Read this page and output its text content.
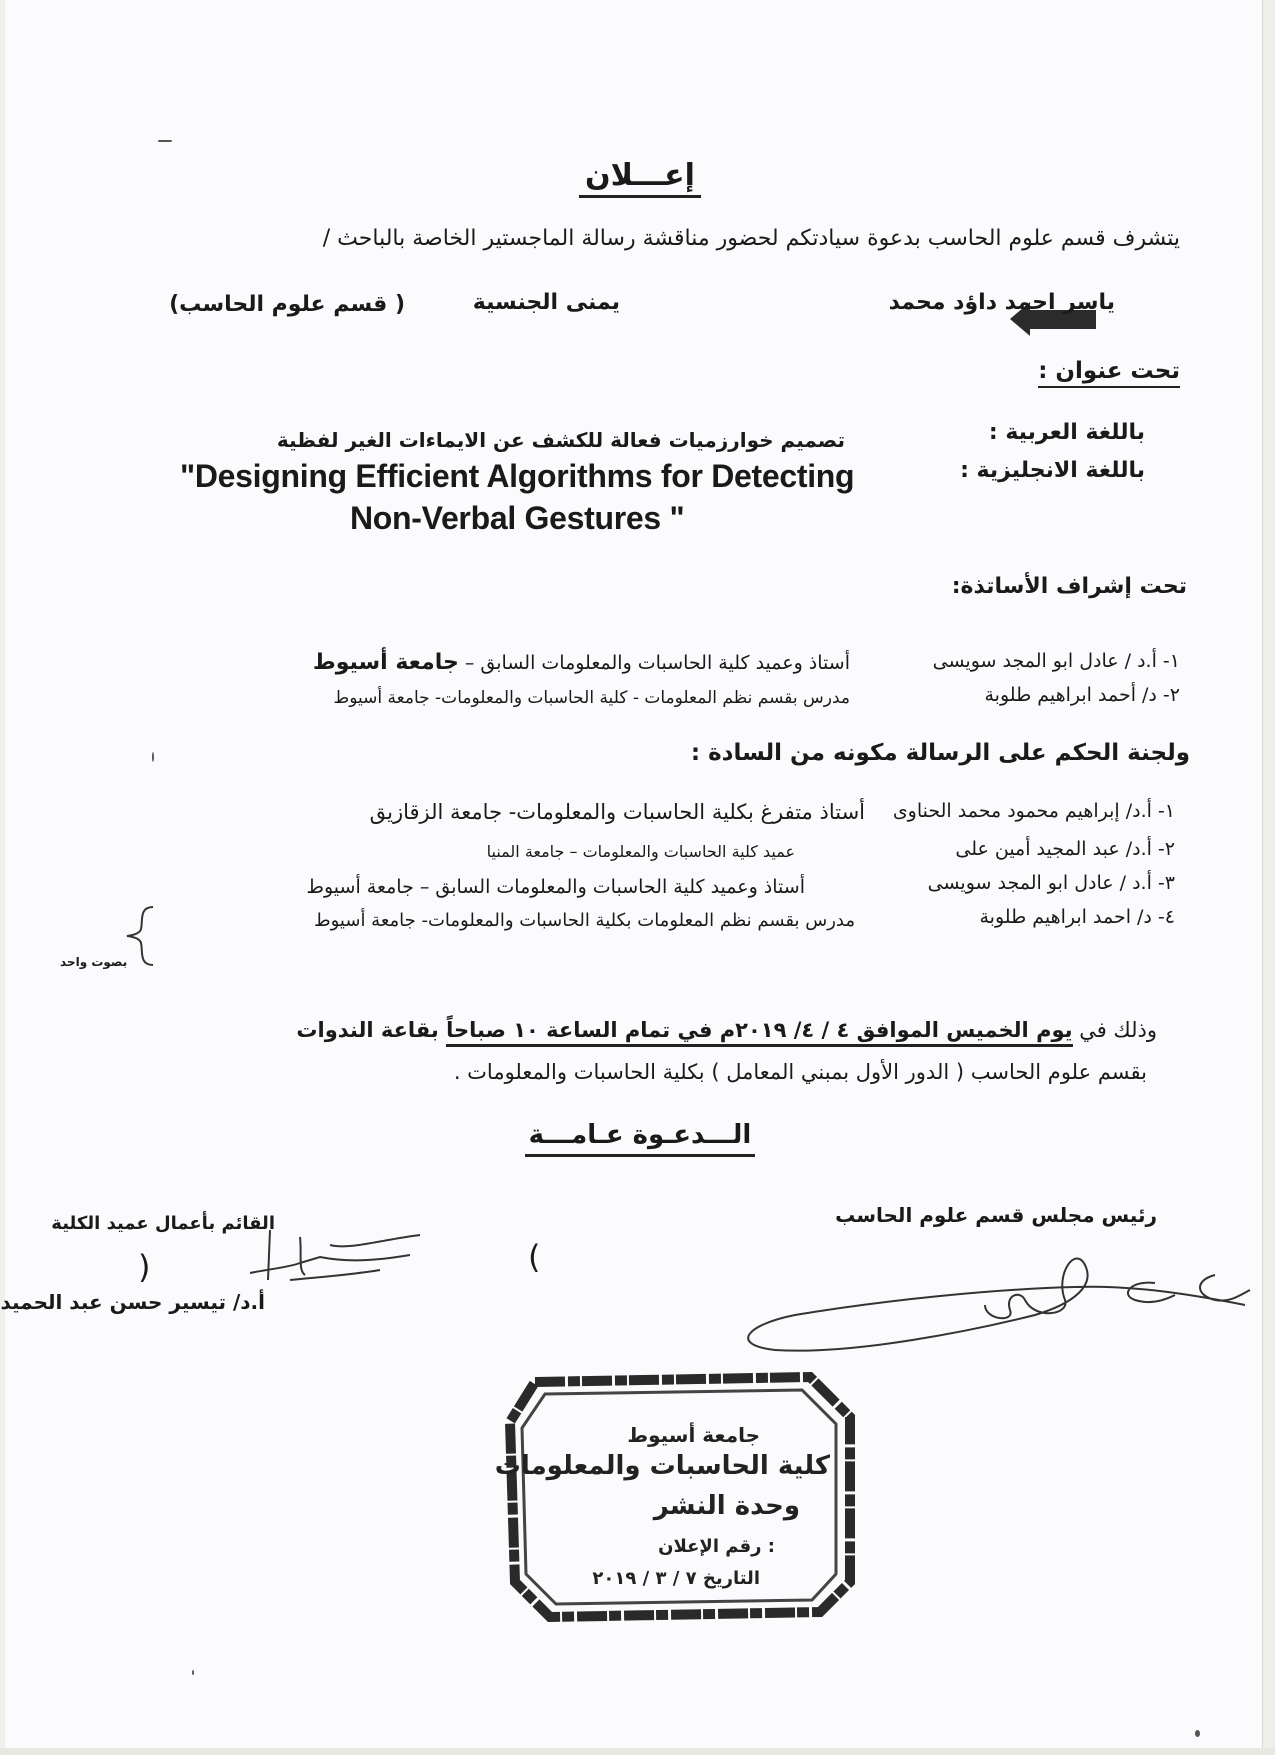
إعـــلان
يتشرف قسم علوم الحاسب بدعوة سيادتكم لحضور مناقشة رسالة الماجستير الخاصة بالباحث /
ياسر احمد داؤد محمد
يمنى الجنسية
( قسم علوم الحاسب)
تحت عنوان :
باللغة العربية :
تصميم خوارزميات فعالة للكشف عن الايماءات الغير لفظية
باللغة الانجليزية :
"Designing Efficient Algorithms for Detecting
Non-Verbal Gestures "
تحت إشراف الأساتذة:
١- أ.د / عادل ابو المجد سويسى
أستاذ وعميد كلية الحاسبات والمعلومات السابق – جامعة أسيوط
٢- د/ أحمد ابراهيم طلوبة
مدرس بقسم نظم المعلومات - كلية الحاسبات والمعلومات- جامعة أسيوط
ولجنة الحكم على الرسالة مكونه من السادة :
١- أ.د/ إبراهيم محمود محمد الحناوى
أستاذ متفرغ بكلية الحاسبات والمعلومات- جامعة الزقازيق
٢- أ.د/ عبد المجيد أمين على
عميد كلية الحاسبات والمعلومات – جامعة المنيا
٣- أ.د / عادل ابو المجد سويسى
أستاذ وعميد كلية الحاسبات والمعلومات السابق – جامعة أسيوط
٤- د/ احمد ابراهيم طلوبة
مدرس بقسم نظم المعلومات بكلية الحاسبات والمعلومات- جامعة أسيوط
بصوت واحد
وذلك في يوم الخميس الموافق ٤ / ٤/ ٢٠١٩م في تمام الساعة ١٠ صباحاً بقاعة الندوات
بقسم علوم الحاسب ( الدور الأول بمبني المعامل ) بكلية الحاسبات والمعلومات .
الـــدعـوة عـامـــة
القائم بأعمال عميد الكلية
)	(
أ.د/ تيسير حسن عبد الحميد
رئيس مجلس قسم علوم الحاسب
جامعة أسيوط
كلية الحاسبات والمعلومات
وحدة النشر
رقم الإعلان :
التاريخ ٧ / ٣ / ٢٠١٩
